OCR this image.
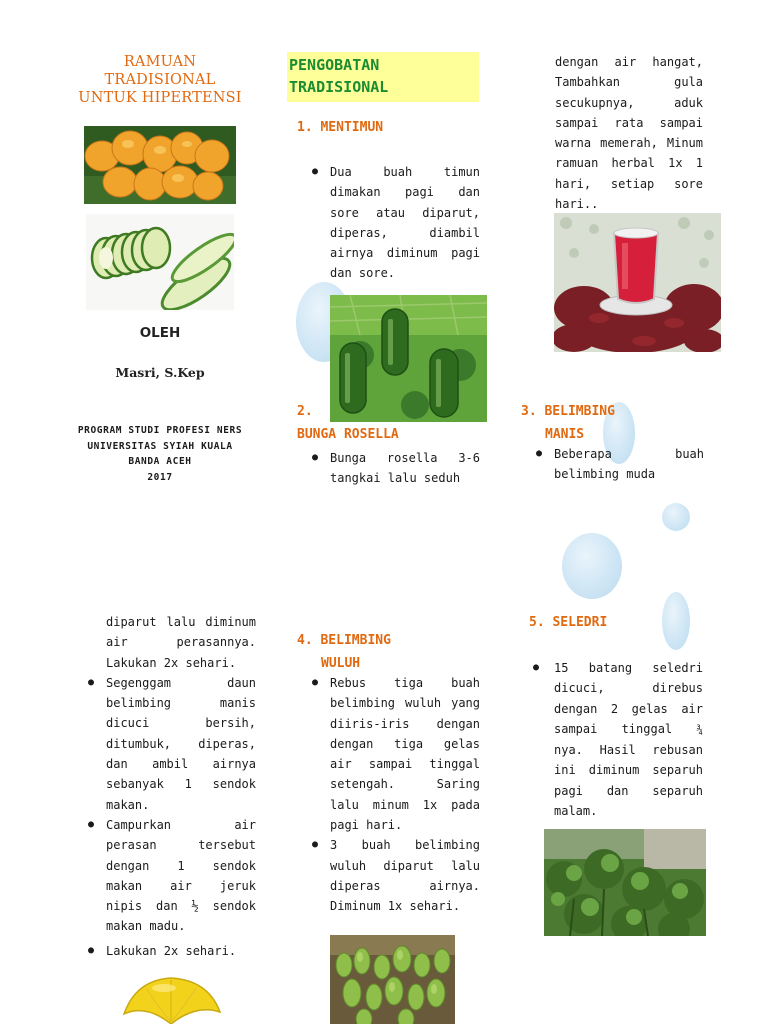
RAMUAN
TRADISIONAL
UNTUK HIPERTENSI
OLEH
Masri, S.Kep
PROGRAM STUDI PROFESI NERS
UNIVERSITAS SYIAH KUALA
BANDA ACEH
2017
PENGOBATAN
TRADISIONAL
1. MENTIMUN
● Dua buah timun dimakan pagi dan sore atau diparut, diperas, diambil airnya diminum pagi dan sore.
2.
BUNGA ROSELLA
● Bunga rosella 3-6 tangkai lalu seduh
dengan air hangat, Tambahkan gula secukupnya, aduk sampai rata sampai warna memerah, Minum ramuan herbal 1x 1 hari, setiap sore hari..
3. BELIMBING
MANIS
● Beberapa buah belimbing muda
diparut lalu diminum air perasannya. Lakukan 2x sehari.
● Segenggam daun belimbing manis dicuci bersih, ditumbuk, diperas, dan ambil airnya sebanyak 1 sendok makan.
● Campurkan air perasan tersebut dengan 1 sendok makan air jeruk nipis dan ½ sendok makan madu.
● Lakukan 2x sehari.
4. BELIMBING
WULUH
● Rebus tiga buah belimbing wuluh yang diiris-iris dengan dengan tiga gelas air sampai tinggal setengah. Saring lalu minum 1x pada pagi hari.
● 3 buah belimbing wuluh diparut lalu diperas airnya. Diminum 1x sehari.
5. SELEDRI
● 15 batang seledri dicuci, direbus dengan 2 gelas air sampai tinggal ¾ nya. Hasil rebusan ini diminum separuh pagi dan separuh malam.
